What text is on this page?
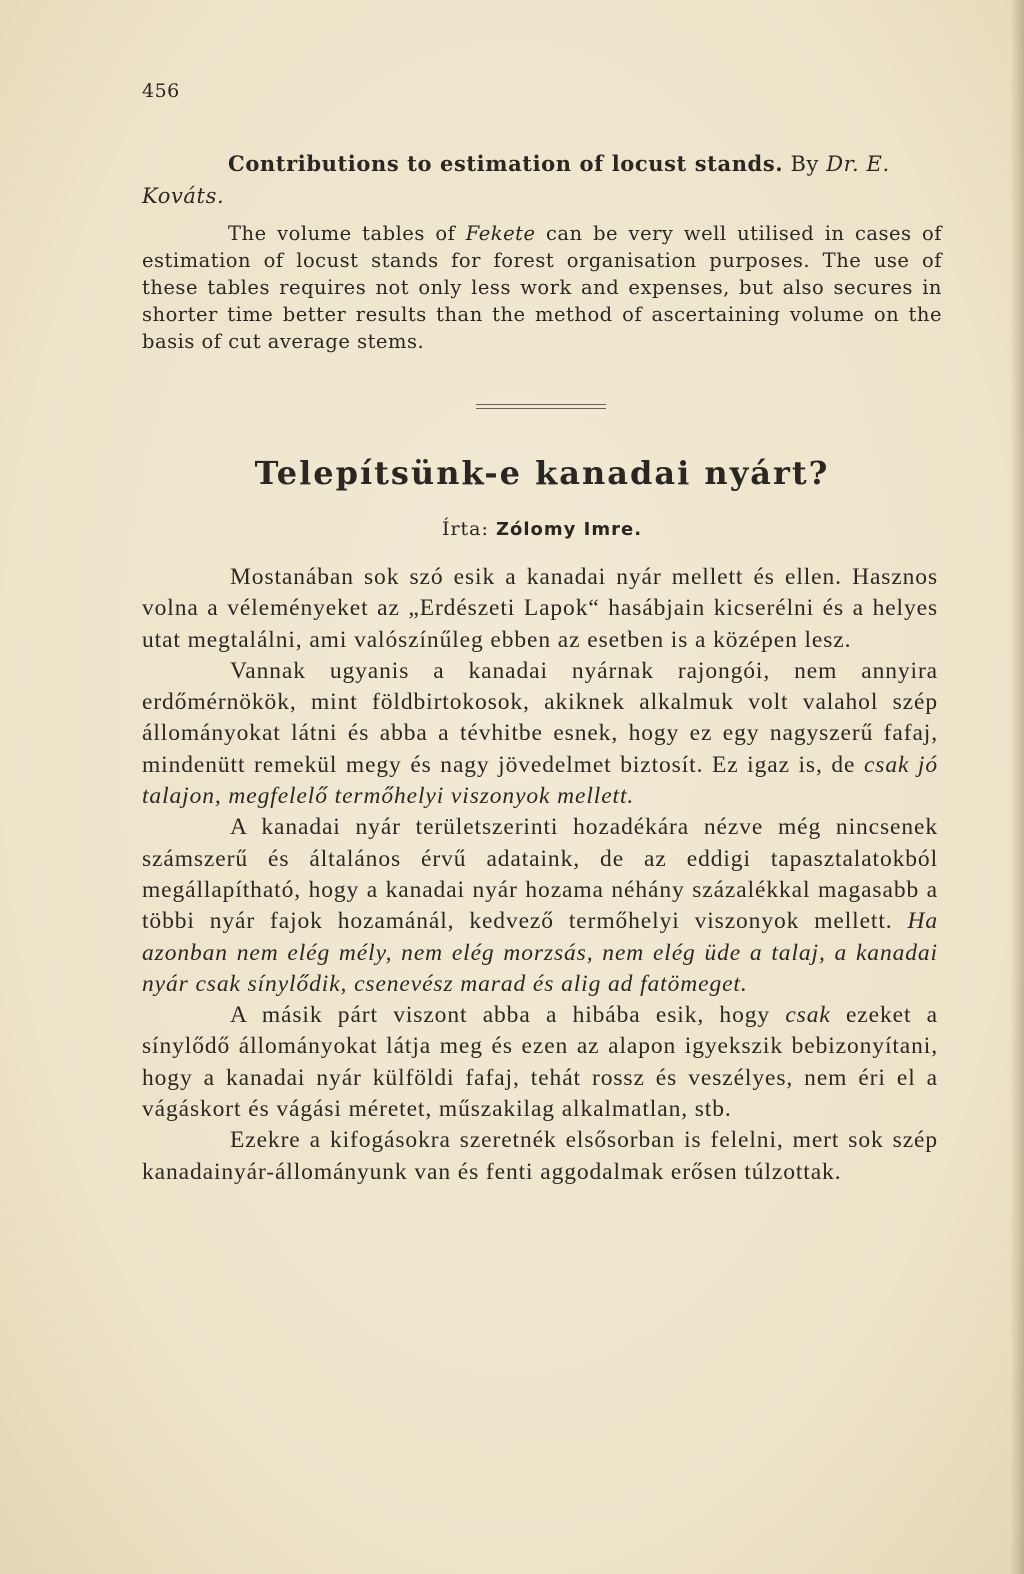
456

Contributions to estimation of locust stands. By Dr. E. Kováts.

The volume tables of Fekete can be very well utilised in cases of estimation of locust stands for forest organisation purposes. The use of these tables requires not only less work and expenses, but also secures in shorter time better results than the method of ascertaining volume on the basis of cut average stems.

Telepítsünk-e kanadai nyárt?
Írta: Zólomy Imre.

Mostanában sok szó esik a kanadai nyár mellett és ellen. Hasznos volna a véleményeket az „Erdészeti Lapok“ hasábjain kicserélni és a helyes utat megtalálni, ami valószínűleg ebben az esetben is a középen lesz.

Vannak ugyanis a kanadai nyárnak rajongói, nem annyira erdőmérnökök, mint földbirtokosok, akiknek alkalmuk volt valahol szép állományokat látni és abba a tévhitbe esnek, hogy ez egy nagyszerű fafaj, mindenütt remekül megy és nagy jövedelmet biztosít. Ez igaz is, de csak jó talajon, megfelelő termőhelyi viszonyok mellett.

A kanadai nyár területszerinti hozadékára nézve még nincsenek számszerű és általános érvű adataink, de az eddigi tapasztalatokból megállapítható, hogy a kanadai nyár hozama néhány százalékkal magasabb a többi nyár fajok hozamánál, kedvező termőhelyi viszonyok mellett. Ha azonban nem elég mély, nem elég morzsás, nem elég üde a talaj, a kanadai nyár csak sínylődik, csenevész marad és alig ad fatömeget.

A másik párt viszont abba a hibába esik, hogy csak ezeket a sínylődő állományokat látja meg és ezen az alapon igyekszik bebizonyítani, hogy a kanadai nyár külföldi fafaj, tehát rossz és veszélyes, nem éri el a vágáskort és vágási méretet, műszakilag alkalmatlan, stb.

Ezekre a kifogásokra szeretnék elsősorban is felelni, mert sok szép kanadainyár-állományunk van és fenti aggodalmak erősen túlzottak.
